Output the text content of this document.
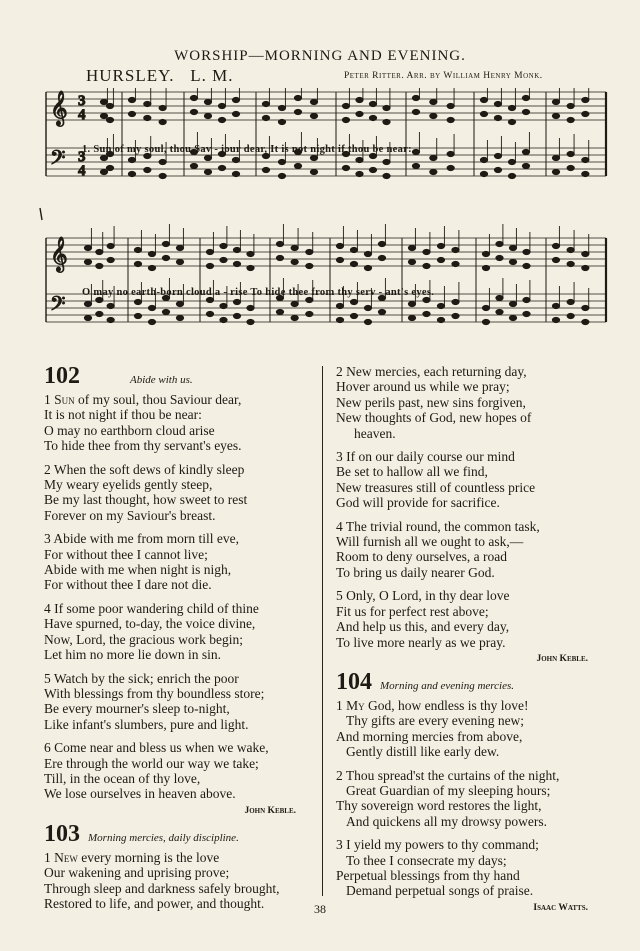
WORSHIP—MORNING AND EVENING.
HURSLEY. L. M.	Peter Ritter. Arr. by William Henry Monk.
𝄞
𝄢
3
3
4
4
𝄞
𝄢
1. Sun of my soul, thou Sav - iour dear, It is not night if thou be near:
O may no earth-born cloud a - rise To hide thee from thy serv - ant's eyes.
102	Abide with us.
1 Sun of my soul, thou Saviour dear,
It is not night if thou be near:
O may no earthborn cloud arise
To hide thee from thy servant's eyes.
2 When the soft dews of kindly sleep
My weary eyelids gently steep,
Be my last thought, how sweet to rest
Forever on my Saviour's breast.
3 Abide with me from morn till eve,
For without thee I cannot live;
Abide with me when night is nigh,
For without thee I dare not die.
4 If some poor wandering child of thine
Have spurned, to-day, the voice divine,
Now, Lord, the gracious work begin;
Let him no more lie down in sin.
5 Watch by the sick; enrich the poor
With blessings from thy boundless store;
Be every mourner's sleep to-night,
Like infant's slumbers, pure and light.
6 Come near and bless us when we wake,
Ere through the world our way we take;
Till, in the ocean of thy love,
We lose ourselves in heaven above.
John Keble.
103 Morning mercies, daily discipline.
1 New every morning is the love
Our wakening and uprising prove;
Through sleep and darkness safely brought,
Restored to life, and power, and thought.
2 New mercies, each returning day,
Hover around us while we pray;
New perils past, new sins forgiven,
New thoughts of God, new hopes of
heaven.
3 If on our daily course our mind
Be set to hallow all we find,
New treasures still of countless price
God will provide for sacrifice.
4 The trivial round, the common task,
Will furnish all we ought to ask,—
Room to deny ourselves, a road
To bring us daily nearer God.
5 Only, O Lord, in thy dear love
Fit us for perfect rest above;
And help us this, and every day,
To live more nearly as we pray.
John Keble.
104 Morning and evening mercies.
1 My God, how endless is thy love!
Thy gifts are every evening new;
And morning mercies from above,
Gently distill like early dew.
2 Thou spread'st the curtains of the night,
Great Guardian of my sleeping hours;
Thy sovereign word restores the light,
And quickens all my drowsy powers.
3 I yield my powers to thy command;
To thee I consecrate my days;
Perpetual blessings from thy hand
Demand perpetual songs of praise.
Isaac Watts.
38
